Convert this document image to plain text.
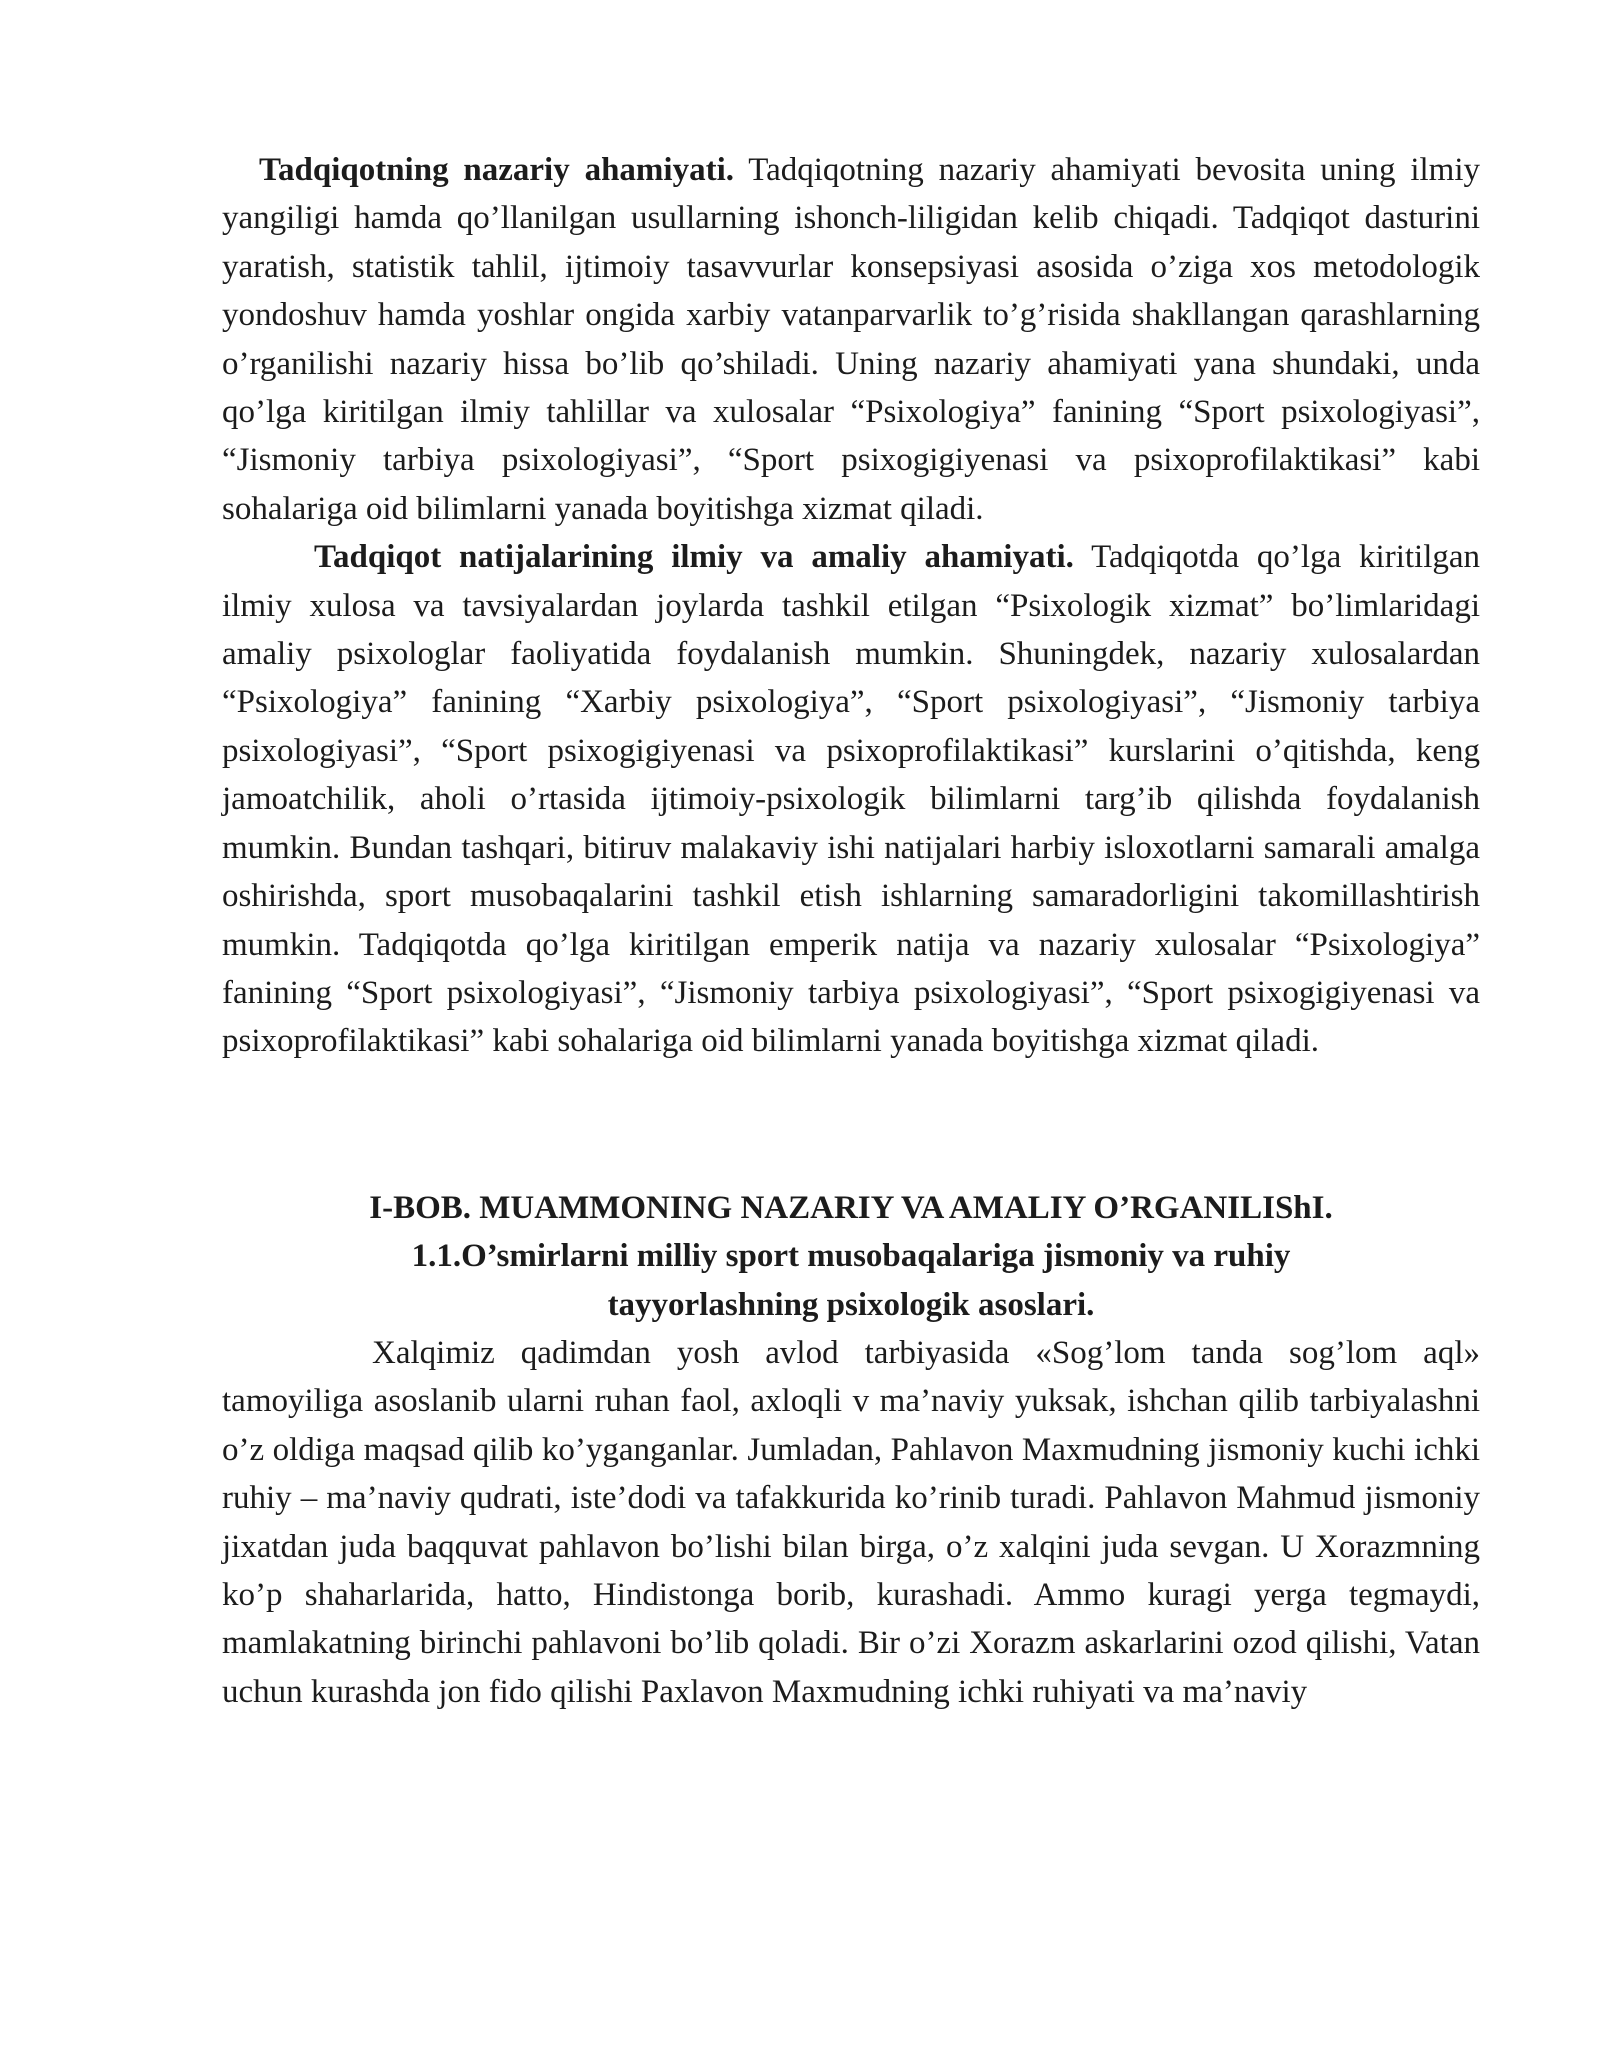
Tadqiqotning nazariy ahamiyati. Tadqiqotning nazariy ahamiyati bevosita uning ilmiy yangiligi hamda qo’llanilgan usullarning ishonch-liligidan kelib chiqadi. Tadqiqot dasturini yaratish, statistik tahlil, ijtimoiy tasavvurlar konsepsiyasi asosida o’ziga xos metodologik yondoshuv hamda yoshlar ongida xarbiy vatanparvarlik to’g’risida shakllangan qarashlarning o’rganilishi nazariy hissa bo’lib qo’shiladi. Uning nazariy ahamiyati yana shundaki, unda qo’lga kiritilgan ilmiy tahlillar va xulosalar “Psixologiya” fanining “Sport psixologiyasi”, “Jismoniy tarbiya psixologiyasi”, “Sport psixogigiyenasi va psixoprofilaktikasi” kabi sohalariga oid bilimlarni yanada boyitishga xizmat qiladi.

Tadqiqot natijalarining ilmiy va amaliy ahamiyati. Tadqiqotda qo’lga kiritilgan ilmiy xulosa va tavsiyalardan joylarda tashkil etilgan “Psixologik xizmat” bo’limlaridagi amaliy psixologlar faoliyatida foydalanish mumkin. Shuningdek, nazariy xulosalardan “Psixologiya” fanining “Xarbiy psixologiya”, “Sport psixologiyasi”, “Jismoniy tarbiya psixologiyasi”, “Sport psixogigiyenasi va psixoprofilaktikasi” kurslarini o’qitishda, keng jamoatchilik, aholi o’rtasida ijtimoiy-psixologik bilimlarni targ’ib qilishda foydalanish mumkin. Bundan tashqari, bitiruv malakaviy ishi natijalari harbiy isloxotlarni samarali amalga oshirishda, sport musobaqalarini tashkil etish ishlarning samaradorligini takomillashtirish mumkin. Tadqiqotda qo’lga kiritilgan emperik natija va nazariy xulosalar “Psixologiya” fanining “Sport psixologiyasi”, “Jismoniy tarbiya psixologiyasi”, “Sport psixogigiyenasi va psixoprofilaktikasi” kabi sohalariga oid bilimlarni yanada boyitishga xizmat qiladi.

I-BOB. MUAMMONING NAZARIY VA AMALIY O’RGANILIShI.
1.1.O’smirlarni milliy sport musobaqalariga jismoniy va ruhiy
tayyorlashning psixologik asoslari.

Xalqimiz qadimdan yosh avlod tarbiyasida «Sog’lom tanda sog’lom aql» tamoyiliga asoslanib ularni ruhan faol, axloqli v ma’naviy yuksak, ishchan qilib tarbiyalashni o’z oldiga maqsad qilib ko’yganganlar. Jumladan, Pahlavon Maxmudning jismoniy kuchi ichki ruhiy – ma’naviy qudrati, iste’dodi va tafakkurida ko’rinib turadi. Pahlavon Mahmud jismoniy jixatdan juda baqquvat pahlavon bo’lishi bilan birga, o’z xalqini juda sevgan. U Xorazmning ko’p shaharlarida, hatto, Hindistonga borib, kurashadi. Ammo kuragi yerga tegmaydi, mamlakatning birinchi pahlavoni bo’lib qoladi. Bir o’zi Xorazm askarlarini ozod qilishi, Vatan uchun kurashda jon fido qilishi Paxlavon Maxmudning ichki ruhiyati va ma’naviy
